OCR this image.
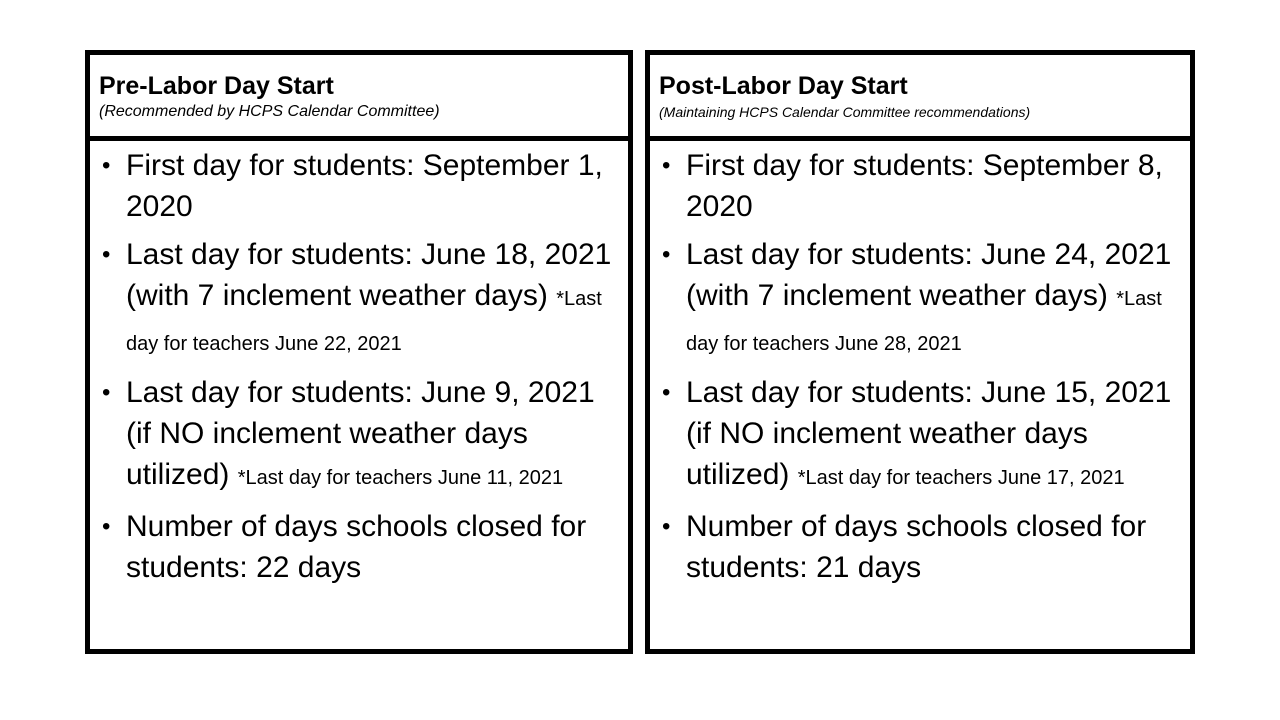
Pre-Labor Day Start
(Recommended by HCPS Calendar Committee)
• First day for students: September 1, 2020
• Last day for students: June 18, 2021 (with 7 inclement weather days) *Last day for teachers June 22, 2021
• Last day for students: June 9, 2021 (if NO inclement weather days utilized) *Last day for teachers June 11, 2021
• Number of days schools closed for students: 22 days
Post-Labor Day Start
(Maintaining HCPS Calendar Committee recommendations)
• First day for students: September 8, 2020
• Last day for students: June 24, 2021 (with 7 inclement weather days) *Last day for teachers June 28, 2021
• Last day for students: June 15, 2021 (if NO inclement weather days utilized) *Last day for teachers June 17, 2021
• Number of days schools closed for students: 21 days
